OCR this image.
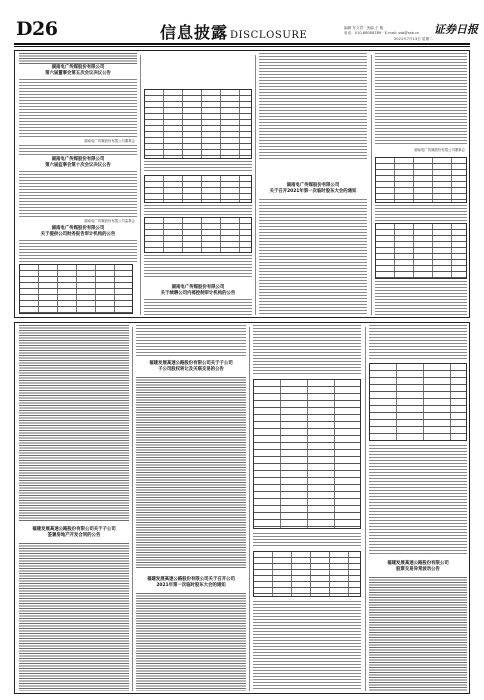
D26	信息披露 DISCLOSURE
编辑 车文君 · 美编 王 敏
电话：010-68008789 · E-mail: ssb@ssb.cn 证券日报
2021年7月13日 星期二
湖南电广传媒股份有限公司
第六届董事会第五次会议决议公告
湖南电广传媒股份有限公司董事会
湖南电广传媒股份有限公司
第六届监事会第十次会议决议公告
湖南电广传媒股份有限公司监事会
湖南电广传媒股份有限公司
关于提供公司财务报告审计机构的公告
湖南电广传媒股份有限公司
关于续聘公司内部控制审计机构的公告
湖南电广传媒股份有限公司
关于召开2021年第一次临时股东大会的通知
湖南电广传媒股份有限公司董事会
福建发展高速公路股份有限公司关于子公司
签署房地产开发合同的公告
福建发展高速公路股份有限公司关于子公司
子公司股权转让及关联交易的公告
福建发展高速公路股份有限公司关于召开公司
2021年第一次临时股东大会的通知
福建发展高速公路股份有限公司
股票交易异常波动公告
